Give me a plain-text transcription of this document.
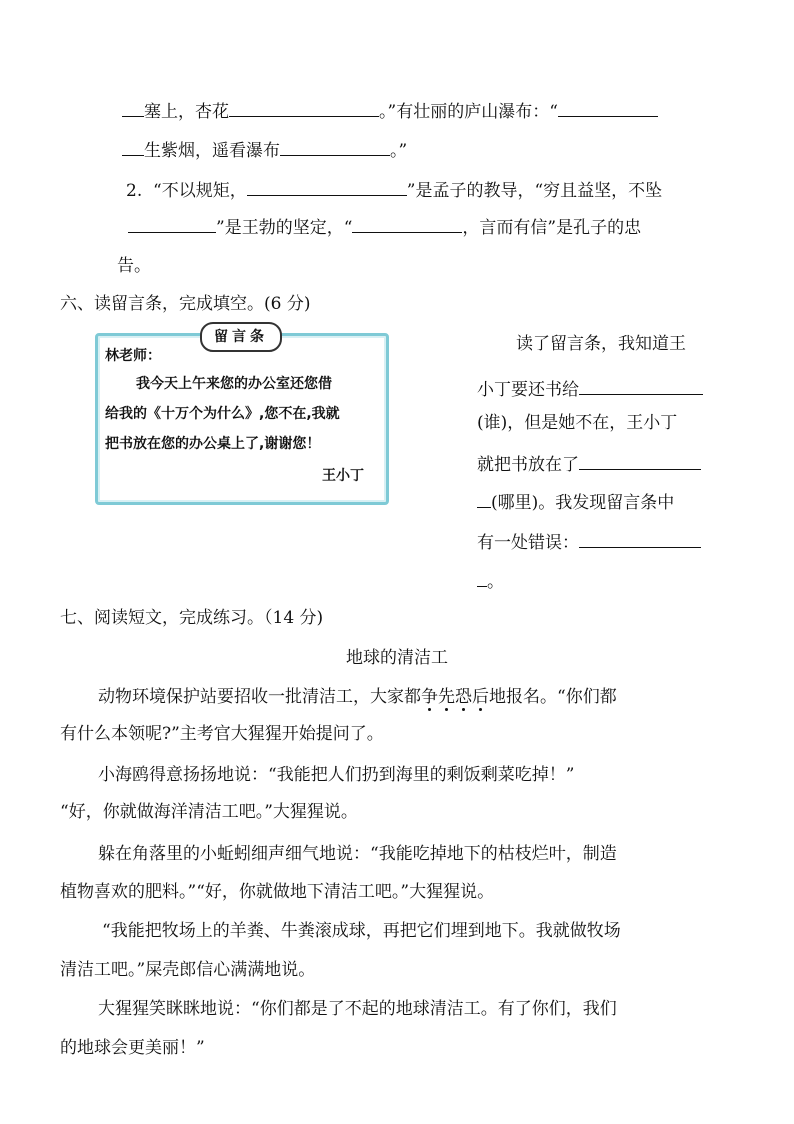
塞上，杏花	。”有壮丽的庐山瀑布：“
生紫烟，遥看瀑布	。”
2. “不以规矩，	”是孟子的教导，“穷且益坚，不坠
”是王勃的坚定，“	，言而有信”是孔子的忠
告。
六、读留言条，完成填空。(6 分)
留言条
林老师：
我今天上午来您的办公室还您借
给我的《十万个为什么》,您不在,我就
把书放在您的办公桌上了,谢谢您！
王小丁
读了留言条，我知道王
小丁要还书给
(谁)，但是她不在，王小丁
就把书放在了
(哪里)。我发现留言条中
有一处错误：
。
七、阅读短文，完成练习。（14 分)
地球的清洁工
动物环境保护站要招收一批清洁工，大家都争先恐后地报名。“你们都
有什么本领呢?”主考官大猩猩开始提问了。
小海鸥得意扬扬地说：“我能把人们扔到海里的剩饭剩菜吃掉！”
“好，你就做海洋清洁工吧。”大猩猩说。
躲在角落里的小蚯蚓细声细气地说：“我能吃掉地下的枯枝烂叶，制造
植物喜欢的肥料。”“好，你就做地下清洁工吧。”大猩猩说。
“我能把牧场上的羊粪、牛粪滚成球，再把它们埋到地下。我就做牧场
清洁工吧。”屎壳郎信心满满地说。
大猩猩笑眯眯地说：“你们都是了不起的地球清洁工。有了你们，我们
的地球会更美丽！”
